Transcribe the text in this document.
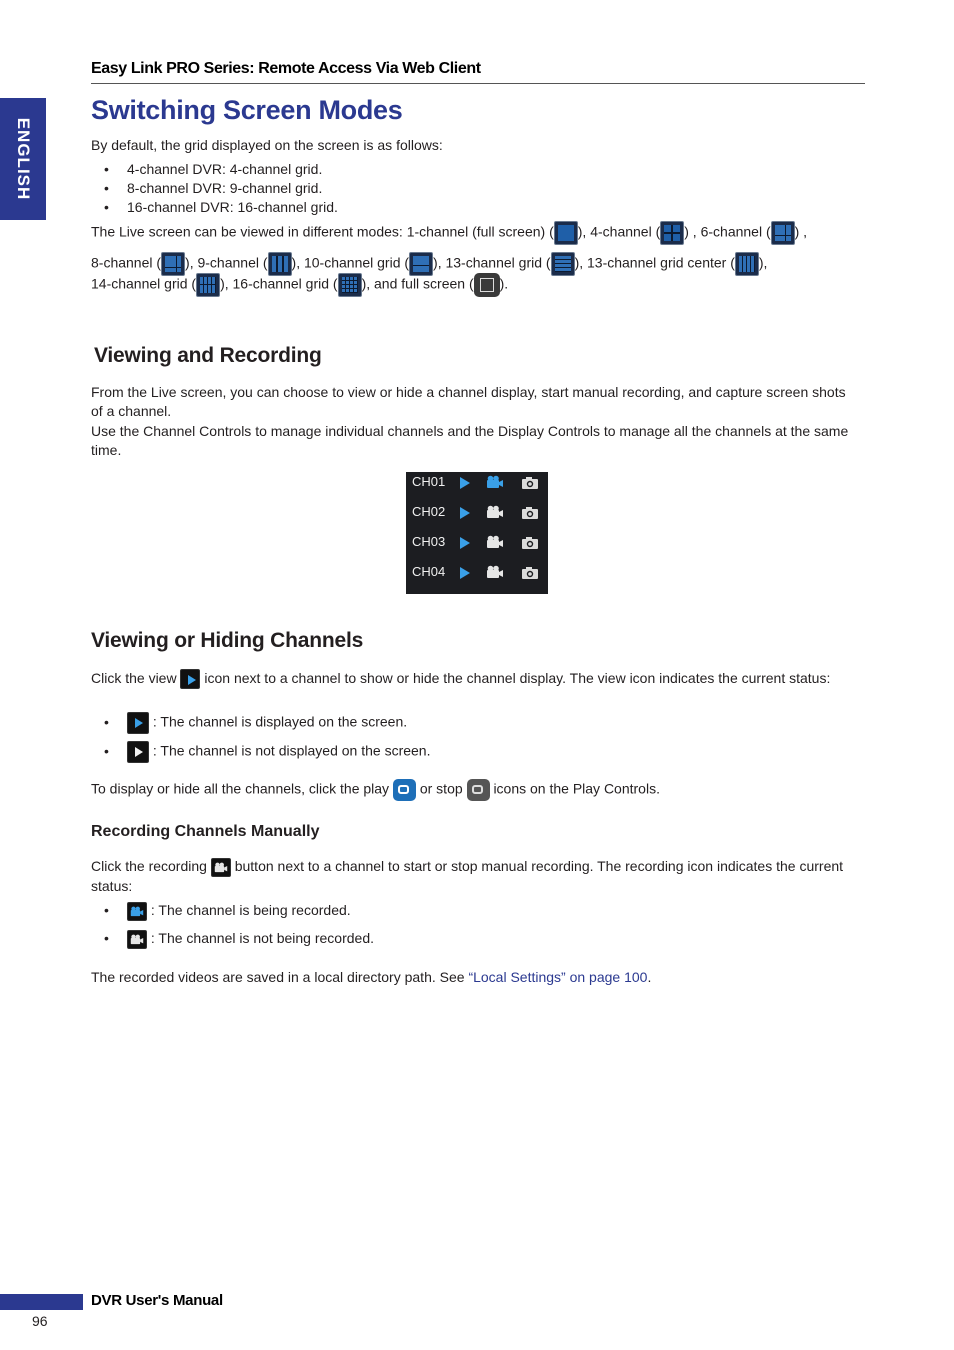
Easy Link PRO Series: Remote Access Via Web Client
ENGLISH
Switching Screen Modes
By default, the grid displayed on the screen is as follows:
• 4-channel DVR: 4-channel grid.
• 8-channel DVR: 9-channel grid.
• 16-channel DVR: 16-channel grid.
The Live screen can be viewed in different modes: 1-channel (full screen) ( ), 4-channel ( ) , 6-channel ( ) ,
8-channel ( ), 9-channel ( ), 10-channel grid ( ), 13-channel grid ( ), 13-channel grid center ( ),
14-channel grid ( ), 16-channel grid ( ), and full screen ( ).
Viewing and Recording
From the Live screen, you can choose to view or hide a channel display, start manual recording, and capture screen shots of a channel.
Use the Channel Controls to manage individual channels and the Display Controls to manage all the channels at the same time.
CH01
CH02
CH03
CH04
Viewing or Hiding Channels
Click the view icon next to a channel to show or hide the channel display. The view icon indicates the current status:
•	: The channel is displayed on the screen.
•	: The channel is not displayed on the screen.
To display or hide all the channels, click the play or stop icons on the Play Controls.
Recording Channels Manually
Click the recording button next to a channel to start or stop manual recording. The recording icon indicates the current status:
•	: The channel is being recorded.
•	: The channel is not being recorded.
The recorded videos are saved in a local directory path. See “Local Settings” on page 100.
DVR User's Manual
96
